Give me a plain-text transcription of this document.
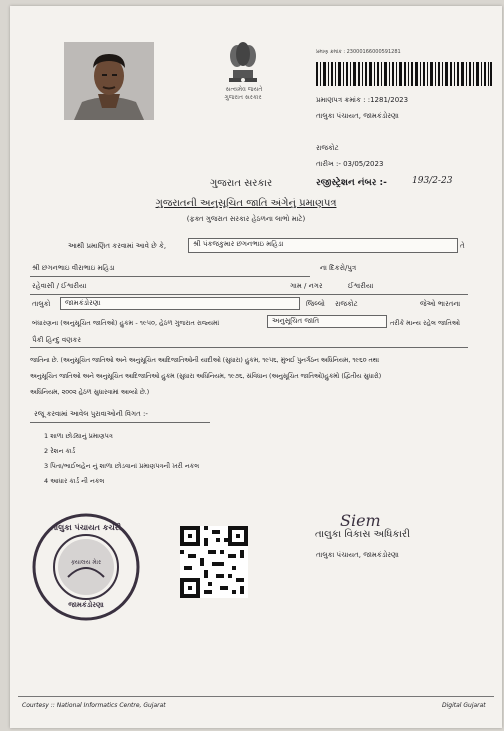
સત્યમેવ જયતે
ગુજરાત સરકાર
પ્રમાણ ક્રમાંક : 23000166000591281
પ્રમાણપત્ર ક્રમાંક : :1281/2023
તાલુકા પંચાયત, જામકંડોરણા
રાજકોટ
તારીખ :- 03/05/2023
ગુજરાત સરકાર	રજીસ્ટ્રેશન નંબર :-	193/2-23
ગુજરાતની અનુસૂચિત જાતિ અંગેનું પ્રમાણપત્ર
(ફક્ત ગુજરાત સરકાર હેઠળના લાભો માટે)
આથી પ્રમાણિત કરવામાં આવે છે કે,	શ્રી પંકજકુમાર છગનભાઇ મહિડા	તે
શ્રી છગનભાઇ વીરાભાઇ મહિડા	ના દિકરો/પુત્ર
રહેવાસી / ઈશ્વરીયા	ગામ / નગર	ઈશ્વરીયા
તાલુકો	જામકંડોરણા	જિલ્લો રાજકોટ	જેઓ ભારતના
બંધારણના (અનુસૂચિત જાતિઓ) હુકમ - ૧૯૫૦, હેઠળ ગુજરાત રાજ્યમાં	અનુસૂચિત જાતિ	તરીકે માન્ય રહેલ જાતિઓ
પૈકી હિન્દુ વણકર
જાતિના છે. (અનુસૂચિત જાતિઓ અને અનુસૂચિત આદિજાતિઓની યાદીઓ (સુધારા) હુકમ, ૧૯૫૬, મુંબઈ પુનર્ગઠન અધિનિયમ, ૧૯૬૦ તથા
અનુસૂચિત જાતિઓ અને અનુસૂચિત આદિજાતિઓ હુકમ (સુધારા અધિનિયમ, ૧૯૭૬, સંવિધાન (અનુસૂચિત જાતિઓ)હુકમો (દ્વિતીય સુધારો)
અધિનિયમ, ૨૦૦૨ હેઠળ સુધારવામાં આવ્યો છે.)
રજૂ કરવામાં આવેલ પુરાવાઓની વિગત :-
1 શાળા છોડ્યાનું પ્રમાણપત્ર
2 રેશન કાર્ડ
3 પિતા/ભાઈબહેન નું શાળા છોડવાનાં પ્રમાણપત્રની ખરી નકલ
4 આધાર કાર્ડ ની નકલ
તાલુકા પંચાયત કચેરી
ક્ર્યાલય મેાર
જામકંડોરણા
Siem
તાલુકા વિકાસ અધિકારી
તાલુકા પંચાયત, જામકંડોરણા
Courtesy :: National Informatics Centre, Gujarat	Digital Gujarat
